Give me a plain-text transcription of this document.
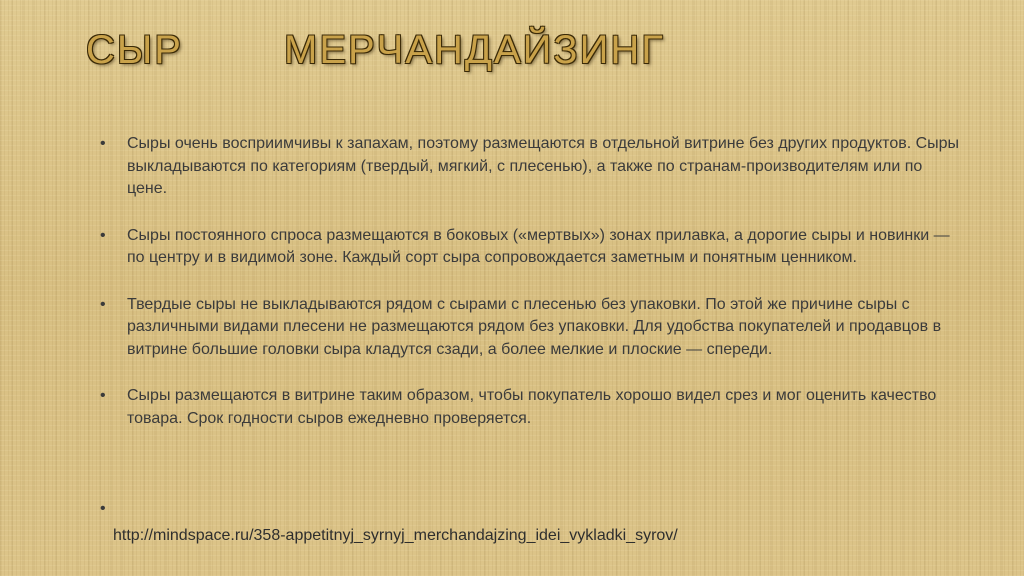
СЫР	МЕРЧАНДАЙЗИНГ
• Сыры очень восприимчивы к запахам, поэтому размещаются в отдельной витрине без других продуктов. Сыры выкладываются по категориям (твердый, мягкий, с плесенью), а также по странам-производителям или по цене.
• Сыры постоянного спроса размещаются в боковых («мертвых») зонах прилавка, а дорогие сыры и новинки — по центру и в видимой зоне. Каждый сорт сыра сопровождается заметным и понятным ценником.
• Твердые сыры не выкладываются рядом с сырами с плесенью без упаковки. По этой же причине сыры с различными видами плесени не размещаются рядом без упаковки. Для удобства покупателей и продавцов в витрине большие головки сыра кладутся сзади, а более мелкие и плоские — спереди.
• Сыры размещаются в витрине таким образом, чтобы покупатель хорошо видел срез и мог оценить качество товара. Срок годности сыров ежедневно проверяется.
•
http://mindspace.ru/358-appetitnyj_syrnyj_merchandajzing_idei_vykladki_syrov/
